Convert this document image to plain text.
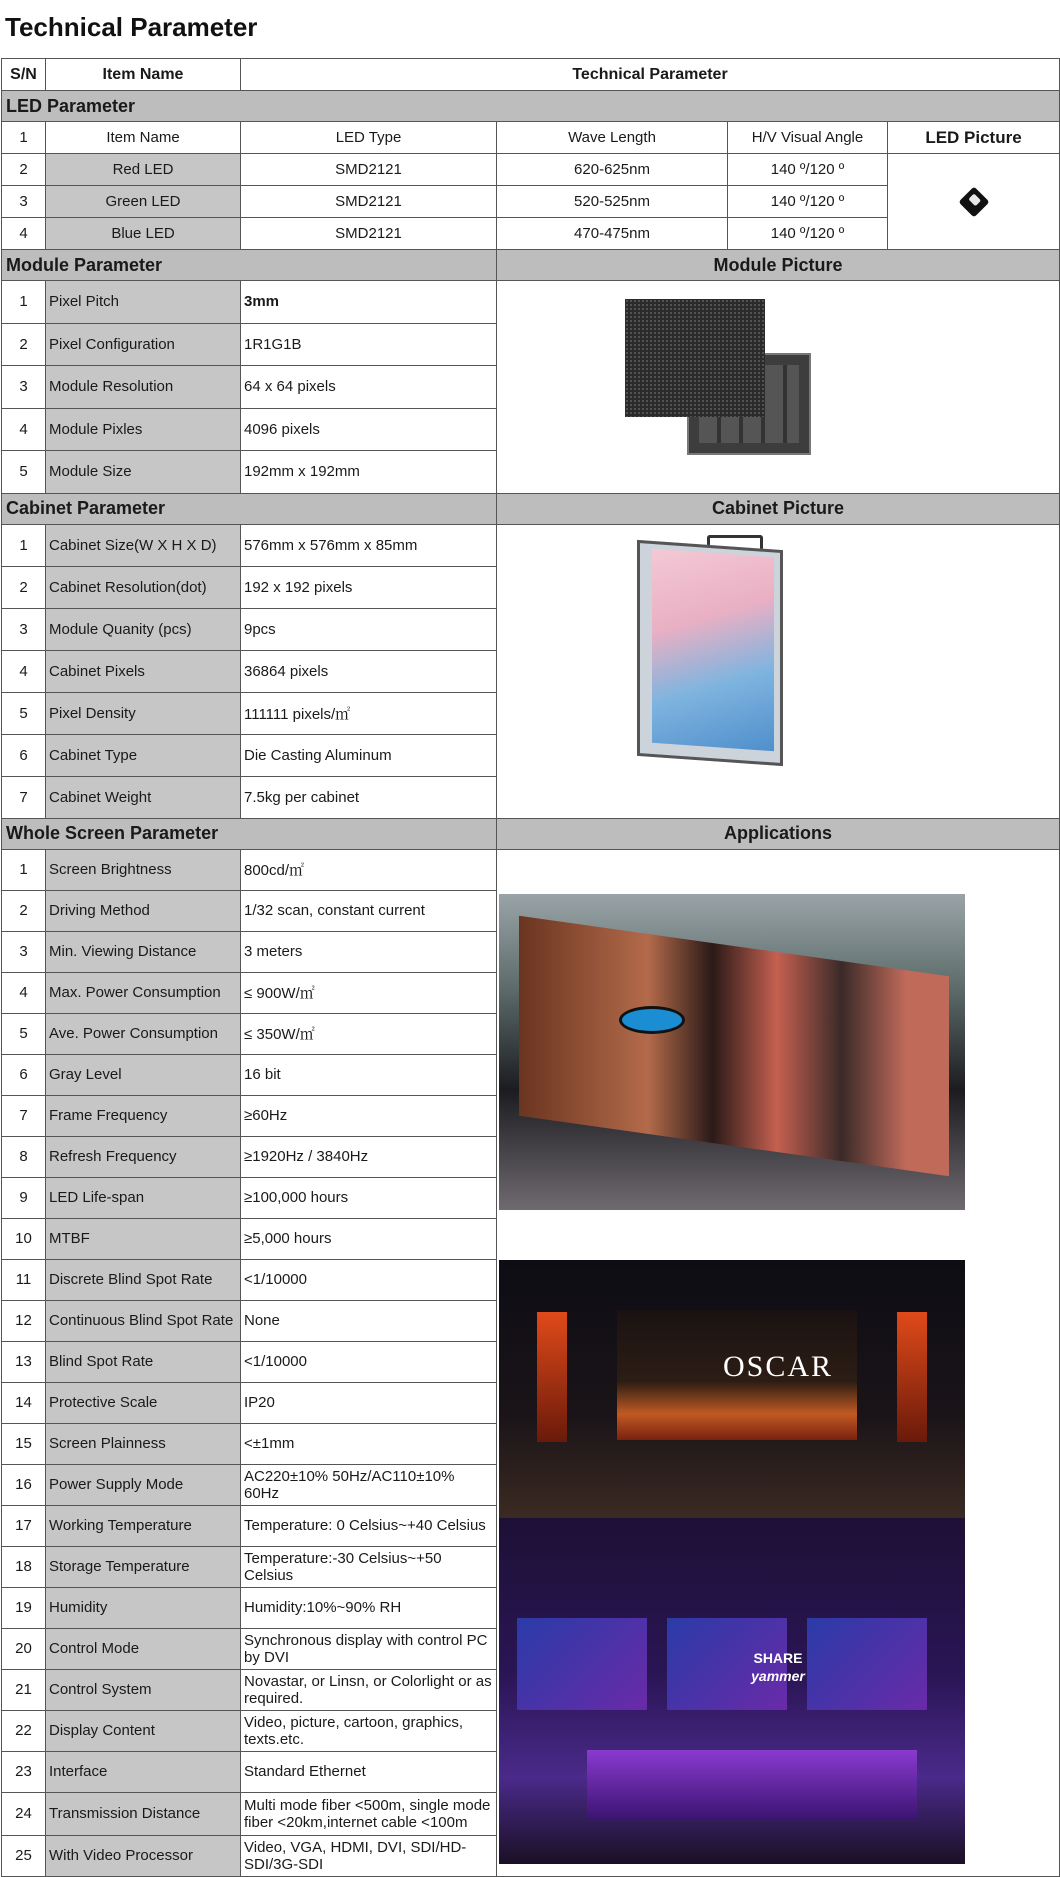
Technical Parameter
S/N	Item Name	Technical Parameter			
LED Parameter					
1	Item Name	LED Type	Wave Length	H/V Visual Angle	LED Picture
2	Red LED	SMD2121	620-625nm	140 º/120 º	

3	Green LED	SMD2121	520-525nm	140 º/120 º	
4	Blue LED	SMD2121	470-475nm	140 º/120 º	
Module Parameter			Module Picture		
1	Pixel Pitch	3mm			

2	Pixel Configuration	1R1G1B			
3	Module Resolution	64 x 64 pixels			
4	Module Pixles	4096 pixels			
5	Module Size	192mm x 192mm			
Cabinet Parameter			Cabinet Picture		
1	Cabinet Size(W X H X D)	576mm x 576mm x 85mm			

2	Cabinet Resolution(dot)	192 x 192 pixels			
3	Module Quanity (pcs)	9pcs			
4	Cabinet Pixels	36864 pixels			
5	Pixel Density	111111 pixels/㎡			
6	Cabinet Type	Die Casting Aluminum			
7	Cabinet Weight	7.5kg per cabinet			
Whole Screen Parameter			Applications		
1	Screen Brightness	800cd/㎡	OSCAR
SHARE
yammer		

2	Driving Method	1/32 scan, constant current			
3	Min. Viewing Distance	3 meters			
4	Max. Power Consumption	≤ 900W/㎡			
5	Ave. Power Consumption	≤ 350W/㎡			
6	Gray Level	16 bit			
7	Frame Frequency	≥60Hz			
8	Refresh Frequency	≥1920Hz / 3840Hz			
9	LED Life-span	≥100,000 hours			
10	MTBF	≥5,000 hours			
11	Discrete Blind Spot Rate	<1/10000			
12	Continuous Blind Spot Rate	None			
13	Blind Spot Rate	<1/10000			
14	Protective Scale	IP20			
15	Screen Plainness	<±1mm			
16	Power Supply Mode	AC220±10% 50Hz/AC110±10% 60Hz			
17	Working Temperature	Temperature: 0 Celsius~+40 Celsius			
18	Storage Temperature	Temperature:-30 Celsius~+50 Celsius			
19	Humidity	Humidity:10%~90% RH			
20	Control Mode	Synchronous display with control PC by DVI			
21	Control System	Novastar, or Linsn, or Colorlight or as required.			
22	Display Content	Video, picture, cartoon, graphics, texts.etc.			
23	Interface	Standard Ethernet			
24	Transmission Distance	Multi mode fiber <500m, single mode fiber <20km,internet cable <100m			
25	With Video Processor	Video, VGA, HDMI, DVI, SDI/HD-SDI/3G-SDI			
